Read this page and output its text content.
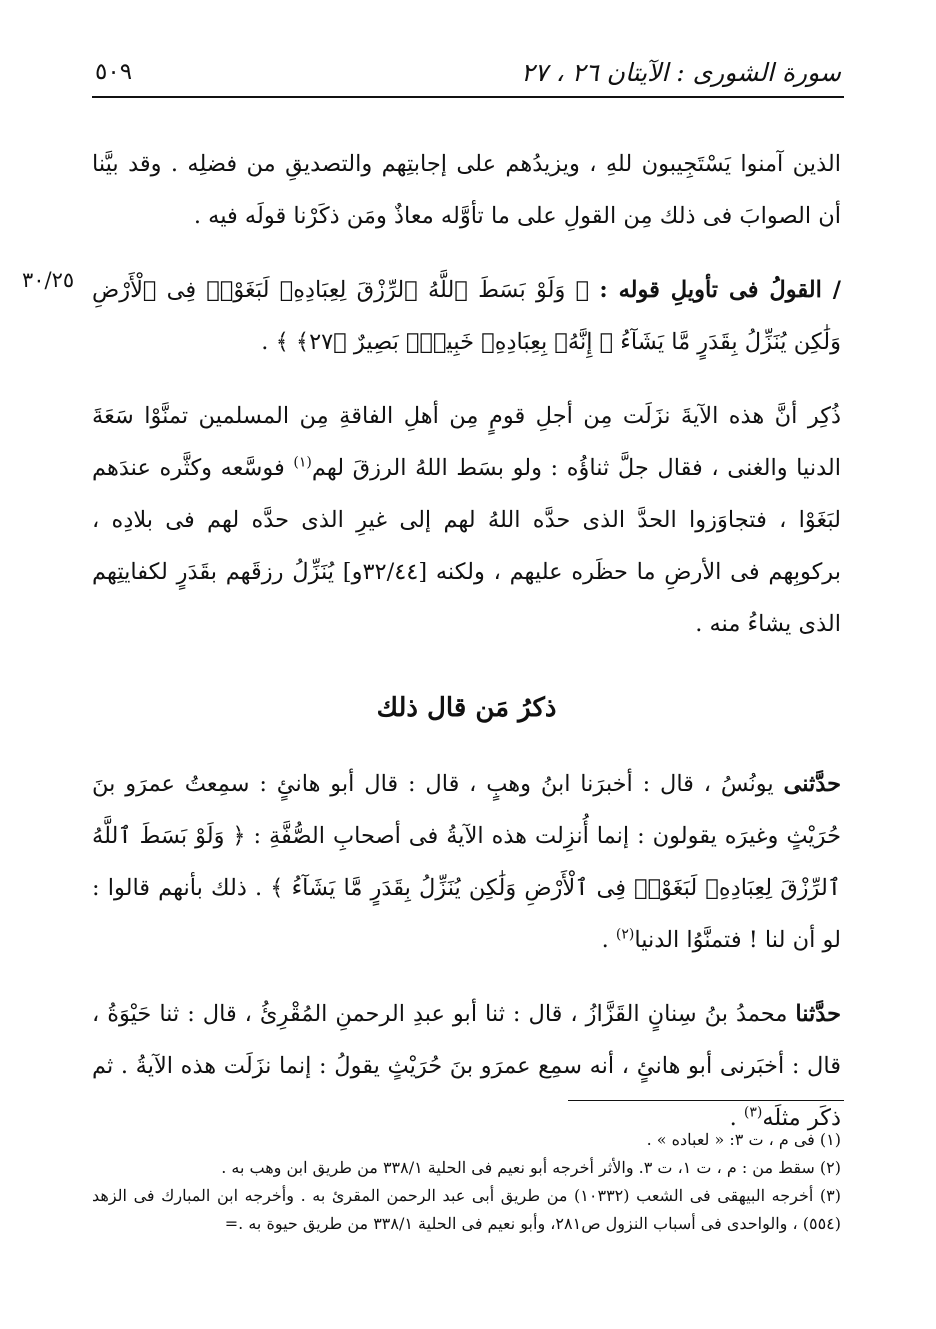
سورة الشورى : الآيتان ٢٦ ، ٢٧
٥٠٩
٣٠/٢٥

الذين آمنوا يَسْتَجِيبون للهِ ، ويزيدُهم على إجابتِهم والتصديقِ من فضلِه . وقد بيَّنا أن الصوابَ فى ذلك مِن القولِ على ما تأوَّله معاذٌ ومَن ذكَرْنا قولَه فيه .

/ القولُ فى تأويلِ قوله : ﴿ وَلَوْ بَسَطَ ٱللَّهُ ٱلرِّزْقَ لِعِبَادِهِۦ لَبَغَوْا۟ فِى ٱلْأَرْضِ وَلَٰكِن يُنَزِّلُ بِقَدَرٍ مَّا يَشَآءُ ۚ إِنَّهُۥ بِعِبَادِهِۦ خَبِيرٌۢ بَصِيرٌ ﴿٢٧﴾ ﴾ .

ذُكِر أنَّ هذه الآيةَ نزَلَت مِن أجلِ قومٍ مِن أهلِ الفاقةِ مِن المسلمين تمنَّوْا سَعَةَ الدنيا والغنى ، فقال جلَّ ثناؤُه : ولو بسَط اللهُ الرزقَ لهم$^{(١)}$ فوسَّعه وكثَّره عندَهم لبَغَوْا ، فتجاوَزوا الحدَّ الذى حدَّه اللهُ لهم إلى غيرِ الذى حدَّه لهم فى بلادِه ، بركوبِهم فى الأرضِ ما حظَره عليهم ، ولكنه [٣٢/٤٤و] يُنَزِّلُ رزقَهم بقَدَرٍ لكفايتِهم الذى يشاءُ منه .

ذكرُ مَن قال ذلك

حدَّثنى يونُسُ ، قال : أخبرَنا ابنُ وهبٍ ، قال : قال أبو هانئٍ : سمِعتُ عمرَو بنَ حُرَيْثٍ وغيرَه يقولون : إنما أُنزِلت هذه الآيةُ فى أصحابِ الصُّفَّةِ : ﴿ وَلَوْ بَسَطَ ٱللَّهُ ٱلرِّزْقَ لِعِبَادِهِۦ لَبَغَوْا۟ فِى ٱلْأَرْضِ وَلَٰكِن يُنَزِّلُ بِقَدَرٍ مَّا يَشَآءُ ﴾ . ذلك بأنهم قالوا : لو أن لنا ! فتمنَّوُا الدنيا$^{(٢)}$ .

حدَّثنا محمدُ بنُ سِنانٍ القَزَّازُ ، قال : ثنا أبو عبدِ الرحمنِ المُقْرِئُ ، قال : ثنا حَيْوَةُ ، قال : أخبَرنى أبو هانئٍ ، أنه سمِع عمرَو بنَ حُرَيْثٍ يقولُ : إنما نزَلَت هذه الآيةُ . ثم ذكَر مثلَه$^{(٣)}$ .

(١) فى م ، ت ٣: « لعباده » .

(٢) سقط من : م ، ت ١، ت ٣. والأثر أخرجه أبو نعيم فى الحلية ٣٣٨/١ من طريق ابن وهب به .

(٣) أخرجه البيهقى فى الشعب (١٠٣٣٢) من طريق أبى عبد الرحمن المقرئ به . وأخرجه ابن المبارك فى الزهد (٥٥٤) ، والواحدى فى أسباب النزول ص٢٨١، وأبو نعيم فى الحلية ٣٣٨/١ من طريق حيوة به .=
